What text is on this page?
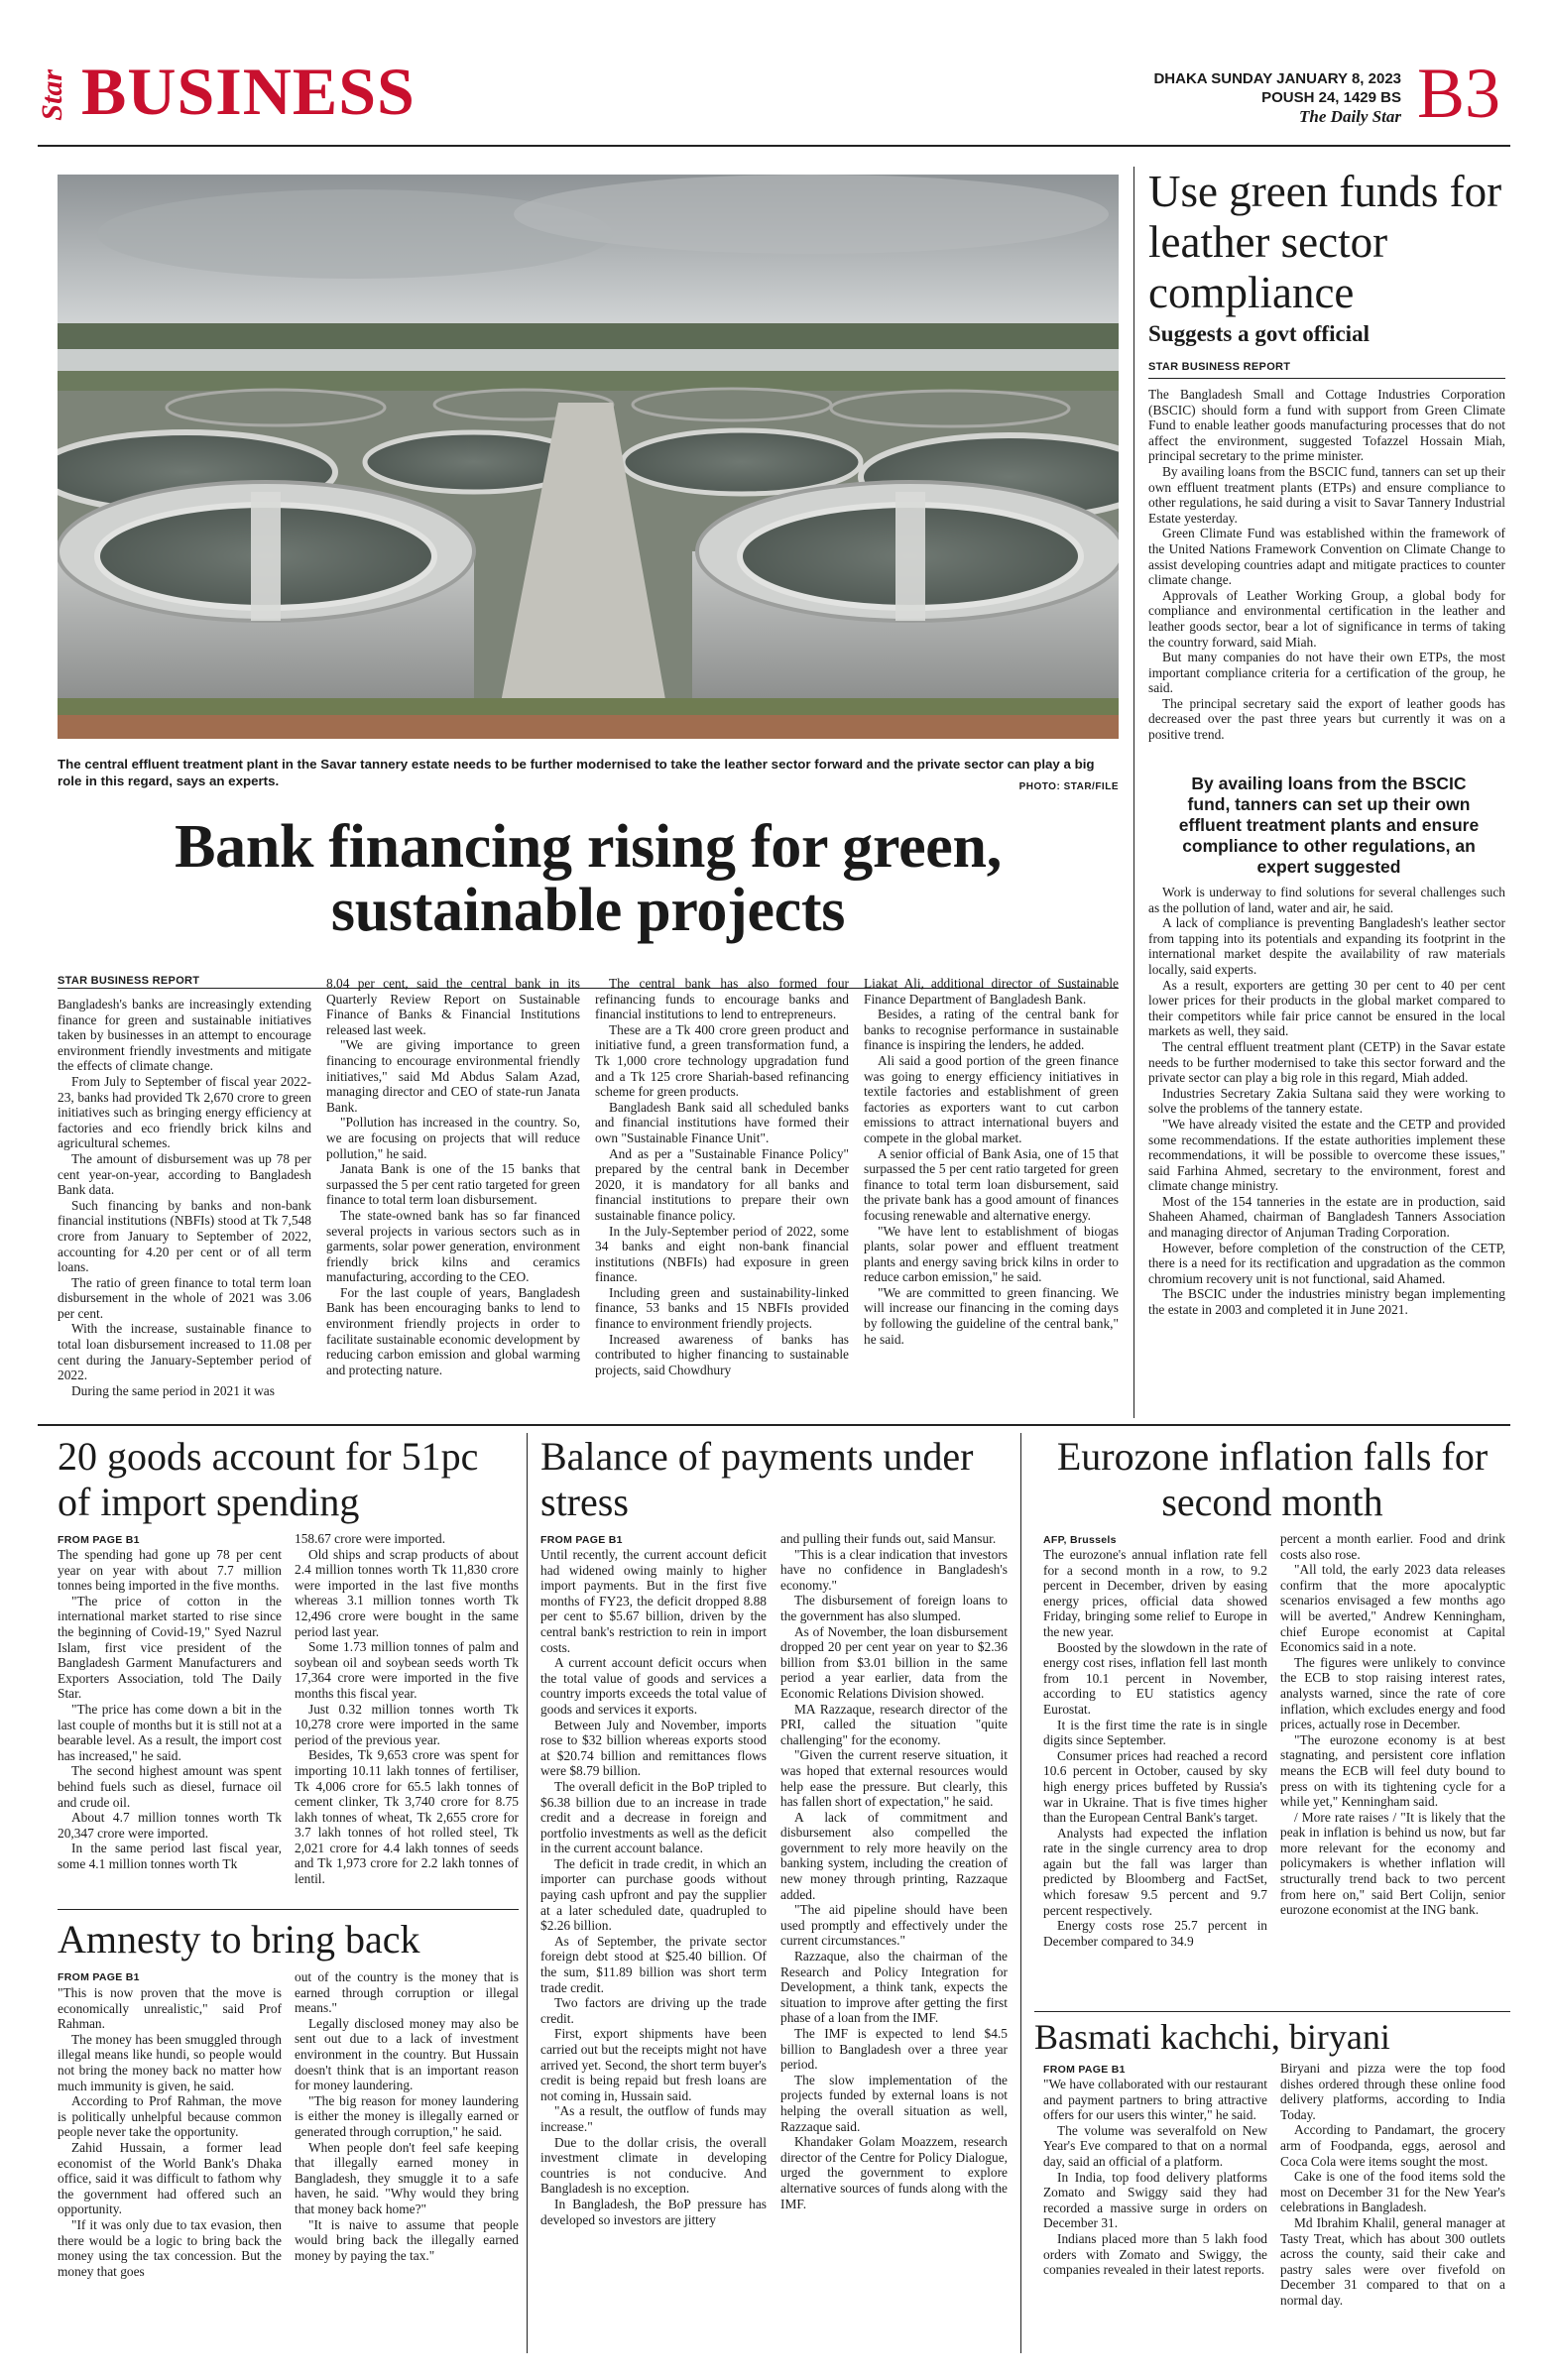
Star BUSINESS	DHAKA SUNDAY JANUARY 8, 2023
POUSH 24, 1429 BS
The Daily Star B3
The central effluent treatment plant in the Savar tannery estate needs to be further modernised to take the leather sector forward and the private sector can play a big role in this regard, says an experts.	PHOTO: STAR/FILE
Bank financing rising for green, sustainable projects
STAR BUSINESS REPORT

Bangladesh's banks are increasingly extending finance for green and sustainable initiatives taken by businesses in an attempt to encourage environment friendly investments and mitigate the effects of climate change.

From July to September of fiscal year 2022-23, banks had provided Tk 2,670 crore to green initiatives such as bringing energy efficiency at factories and eco friendly brick kilns and agricultural schemes.

The amount of disbursement was up 78 per cent year-on-year, according to Bangladesh Bank data.

Such financing by banks and non-bank financial institutions (NBFIs) stood at Tk 7,548 crore from January to September of 2022, accounting for 4.20 per cent or of all term loans.

The ratio of green finance to total term loan disbursement in the whole of 2021 was 3.06 per cent.

With the increase, sustainable finance to total loan disbursement increased to 11.08 per cent during the January-September period of 2022.

During the same period in 2021 it was

8.04 per cent, said the central bank in its Quarterly Review Report on Sustainable Finance of Banks & Financial Institutions released last week.

"We are giving importance to green financing to encourage environmental friendly initiatives," said Md Abdus Salam Azad, managing director and CEO of state-run Janata Bank.

"Pollution has increased in the country. So, we are focusing on projects that will reduce pollution," he said.

Janata Bank is one of the 15 banks that surpassed the 5 per cent ratio targeted for green finance to total term loan disbursement.

The state-owned bank has so far financed several projects in various sectors such as in garments, solar power generation, environment friendly brick kilns and ceramics manufacturing, according to the CEO.

For the last couple of years, Bangladesh Bank has been encouraging banks to lend to environment friendly projects in order to facilitate sustainable economic development by reducing carbon emission and global warming and protecting nature.

The central bank has also formed four refinancing funds to encourage banks and financial institutions to lend to entrepreneurs.

These are a Tk 400 crore green product and initiative fund, a green transformation fund, a Tk 1,000 crore technology upgradation fund and a Tk 125 crore Shariah-based refinancing scheme for green products.

Bangladesh Bank said all scheduled banks and financial institutions have formed their own "Sustainable Finance Unit".

And as per a "Sustainable Finance Policy" prepared by the central bank in December 2020, it is mandatory for all banks and financial institutions to prepare their own sustainable finance policy.

In the July-September period of 2022, some 34 banks and eight non-bank financial institutions (NBFIs) had exposure in green finance.

Including green and sustainability-linked finance, 53 banks and 15 NBFIs provided finance to environment friendly projects.

Increased awareness of banks has contributed to higher financing to sustainable projects, said Chowdhury

Liakat Ali, additional director of Sustainable Finance Department of Bangladesh Bank.

Besides, a rating of the central bank for banks to recognise performance in sustainable finance is inspiring the lenders, he added.

Ali said a good portion of the green finance was going to energy efficiency initiatives in textile factories and establishment of green factories as exporters want to cut carbon emissions to attract international buyers and compete in the global market.

A senior official of Bank Asia, one of 15 that surpassed the 5 per cent ratio targeted for green finance to total term loan disbursement, said the private bank has a good amount of finances focusing renewable and alternative energy.

"We have lent to establishment of biogas plants, solar power and effluent treatment plants and energy saving brick kilns in order to reduce carbon emission," he said.

"We are committed to green financing. We will increase our financing in the coming days by following the guideline of the central bank," he said.

Use green funds for leather sector compliance
Suggests a govt official
STAR BUSINESS REPORT

The Bangladesh Small and Cottage Industries Corporation (BSCIC) should form a fund with support from Green Climate Fund to enable leather goods manufacturing processes that do not affect the environment, suggested Tofazzel Hossain Miah, principal secretary to the prime minister.

By availing loans from the BSCIC fund, tanners can set up their own effluent treatment plants (ETPs) and ensure compliance to other regulations, he said during a visit to Savar Tannery Industrial Estate yesterday.

Green Climate Fund was established within the framework of the United Nations Framework Convention on Climate Change to assist developing countries adapt and mitigate practices to counter climate change.

Approvals of Leather Working Group, a global body for compliance and environmental certification in the leather and leather goods sector, bear a lot of significance in terms of taking the country forward, said Miah.

But many companies do not have their own ETPs, the most important compliance criteria for a certification of the group, he said.

The principal secretary said the export of leather goods has decreased over the past three years but currently it was on a positive trend.

By availing loans from the BSCIC fund, tanners can set up their own effluent treatment plants and ensure compliance to other regulations, an expert suggested

Work is underway to find solutions for several challenges such as the pollution of land, water and air, he said.

A lack of compliance is preventing Bangladesh's leather sector from tapping into its potentials and expanding its footprint in the international market despite the availability of raw materials locally, said experts.

As a result, exporters are getting 30 per cent to 40 per cent lower prices for their products in the global market compared to their competitors while fair price cannot be ensured in the local markets as well, they said.

The central effluent treatment plant (CETP) in the Savar estate needs to be further modernised to take this sector forward and the private sector can play a big role in this regard, Miah added.

Industries Secretary Zakia Sultana said they were working to solve the problems of the tannery estate.

"We have already visited the estate and the CETP and provided some recommendations. If the estate authorities implement these recommendations, it will be possible to overcome these issues," said Farhina Ahmed, secretary to the environment, forest and climate change ministry.

Most of the 154 tanneries in the estate are in production, said Shaheen Ahamed, chairman of Bangladesh Tanners Association and managing director of Anjuman Trading Corporation.

However, before completion of the construction of the CETP, there is a need for its rectification and upgradation as the common chromium recovery unit is not functional, said Ahamed.

The BSCIC under the industries ministry began implementing the estate in 2003 and completed it in June 2021.

20 goods account for 51pc of import spending
FROM PAGE B1

The spending had gone up 78 per cent year on year with about 7.7 million tonnes being imported in the five months.

"The price of cotton in the international market started to rise since the beginning of Covid-19," Syed Nazrul Islam, first vice president of the Bangladesh Garment Manufacturers and Exporters Association, told The Daily Star.

"The price has come down a bit in the last couple of months but it is still not at a bearable level. As a result, the import cost has increased," he said.

The second highest amount was spent behind fuels such as diesel, furnace oil and crude oil.

About 4.7 million tonnes worth Tk 20,347 crore were imported.

In the same period last fiscal year, some 4.1 million tonnes worth Tk

158.67 crore were imported.

Old ships and scrap products of about 2.4 million tonnes worth Tk 11,830 crore were imported in the last five months whereas 3.1 million tonnes worth Tk 12,496 crore were bought in the same period last year.

Some 1.73 million tonnes of palm and soybean oil and soybean seeds worth Tk 17,364 crore were imported in the five months this fiscal year.

Just 0.32 million tonnes worth Tk 10,278 crore were imported in the same period of the previous year.

Besides, Tk 9,653 crore was spent for importing 10.11 lakh tonnes of fertiliser, Tk 4,006 crore for 65.5 lakh tonnes of cement clinker, Tk 3,740 crore for 8.75 lakh tonnes of wheat, Tk 2,655 crore for 3.7 lakh tonnes of hot rolled steel, Tk 2,021 crore for 4.4 lakh tonnes of seeds and Tk 1,973 crore for 2.2 lakh tonnes of lentil.

Amnesty to bring back
FROM PAGE B1

"This is now proven that the move is economically unrealistic," said Prof Rahman.

The money has been smuggled through illegal means like hundi, so people would not bring the money back no matter how much immunity is given, he said.

According to Prof Rahman, the move is politically unhelpful because common people never take the opportunity.

Zahid Hussain, a former lead economist of the World Bank's Dhaka office, said it was difficult to fathom why the government had offered such an opportunity.

"If it was only due to tax evasion, then there would be a logic to bring back the money using the tax concession. But the money that goes

out of the country is the money that is earned through corruption or illegal means."

Legally disclosed money may also be sent out due to a lack of investment environment in the country. But Hussain doesn't think that is an important reason for money laundering.

"The big reason for money laundering is either the money is illegally earned or generated through corruption," he said.

When people don't feel safe keeping that illegally earned money in Bangladesh, they smuggle it to a safe haven, he said. "Why would they bring that money back home?"

"It is naive to assume that people would bring back the illegally earned money by paying the tax."

Balance of payments under stress
FROM PAGE B1

Until recently, the current account deficit had widened owing mainly to higher import payments. But in the first five months of FY23, the deficit dropped 8.88 per cent to $5.67 billion, driven by the central bank's restriction to rein in import costs.

A current account deficit occurs when the total value of goods and services a country imports exceeds the total value of goods and services it exports.

Between July and November, imports rose to $32 billion whereas exports stood at $20.74 billion and remittances flows were $8.79 billion.

The overall deficit in the BoP tripled to $6.38 billion due to an increase in trade credit and a decrease in foreign and portfolio investments as well as the deficit in the current account balance.

The deficit in trade credit, in which an importer can purchase goods without paying cash upfront and pay the supplier at a later scheduled date, quadrupled to $2.26 billion.

As of September, the private sector foreign debt stood at $25.40 billion. Of the sum, $11.89 billion was short term trade credit.

Two factors are driving up the trade credit.

First, export shipments have been carried out but the receipts might not have arrived yet. Second, the short term buyer's credit is being repaid but fresh loans are not coming in, Hussain said.

"As a result, the outflow of funds may increase."

Due to the dollar crisis, the overall investment climate in developing countries is not conducive. And Bangladesh is no exception.

In Bangladesh, the BoP pressure has developed so investors are jittery

and pulling their funds out, said Mansur.

"This is a clear indication that investors have no confidence in Bangladesh's economy."

The disbursement of foreign loans to the government has also slumped.

As of November, the loan disbursement dropped 20 per cent year on year to $2.36 billion from $3.01 billion in the same period a year earlier, data from the Economic Relations Division showed.

MA Razzaque, research director of the PRI, called the situation "quite challenging" for the economy.

"Given the current reserve situation, it was hoped that external resources would help ease the pressure. But clearly, this has fallen short of expectation," he said.

A lack of commitment and disbursement also compelled the government to rely more heavily on the banking system, including the creation of new money through printing, Razzaque added.

"The aid pipeline should have been used promptly and effectively under the current circumstances."

Razzaque, also the chairman of the Research and Policy Integration for Development, a think tank, expects the situation to improve after getting the first phase of a loan from the IMF.

The IMF is expected to lend $4.5 billion to Bangladesh over a three year period.

The slow implementation of the projects funded by external loans is not helping the overall situation as well, Razzaque said.

Khandaker Golam Moazzem, research director of the Centre for Policy Dialogue, urged the government to explore alternative sources of funds along with the IMF.

Eurozone inflation falls for second month
AFP, Brussels

The eurozone's annual inflation rate fell for a second month in a row, to 9.2 percent in December, driven by easing energy prices, official data showed Friday, bringing some relief to Europe in the new year.

Boosted by the slowdown in the rate of energy cost rises, inflation fell last month from 10.1 percent in November, according to EU statistics agency Eurostat.

It is the first time the rate is in single digits since September.

Consumer prices had reached a record 10.6 percent in October, caused by sky high energy prices buffeted by Russia's war in Ukraine. That is five times higher than the European Central Bank's target.

Analysts had expected the inflation rate in the single currency area to drop again but the fall was larger than predicted by Bloomberg and FactSet, which foresaw 9.5 percent and 9.7 percent respectively.

Energy costs rose 25.7 percent in December compared to 34.9

percent a month earlier. Food and drink costs also rose.

"All told, the early 2023 data releases confirm that the more apocalyptic scenarios envisaged a few months ago will be averted," Andrew Kenningham, chief Europe economist at Capital Economics said in a note.

The figures were unlikely to convince the ECB to stop raising interest rates, analysts warned, since the rate of core inflation, which excludes energy and food prices, actually rose in December.

"The eurozone economy is at best stagnating, and persistent core inflation means the ECB will feel duty bound to press on with its tightening cycle for a while yet," Kenningham said.

/ More rate raises / "It is likely that the peak in inflation is behind us now, but far more relevant for the economy and policymakers is whether inflation will structurally trend back to two percent from here on," said Bert Colijn, senior eurozone economist at the ING bank.

Basmati kachchi, biryani
FROM PAGE B1

"We have collaborated with our restaurant and payment partners to bring attractive offers for our users this winter," he said.

The volume was severalfold on New Year's Eve compared to that on a normal day, said an official of a platform.

In India, top food delivery platforms Zomato and Swiggy said they had recorded a massive surge in orders on December 31.

Indians placed more than 5 lakh food orders with Zomato and Swiggy, the companies revealed in their latest reports.

Biryani and pizza were the top food dishes ordered through these online food delivery platforms, according to India Today.

According to Pandamart, the grocery arm of Foodpanda, eggs, aerosol and Coca Cola were items sought the most.

Cake is one of the food items sold the most on December 31 for the New Year's celebrations in Bangladesh.

Md Ibrahim Khalil, general manager at Tasty Treat, which has about 300 outlets across the county, said their cake and pastry sales were over fivefold on December 31 compared to that on a normal day.
